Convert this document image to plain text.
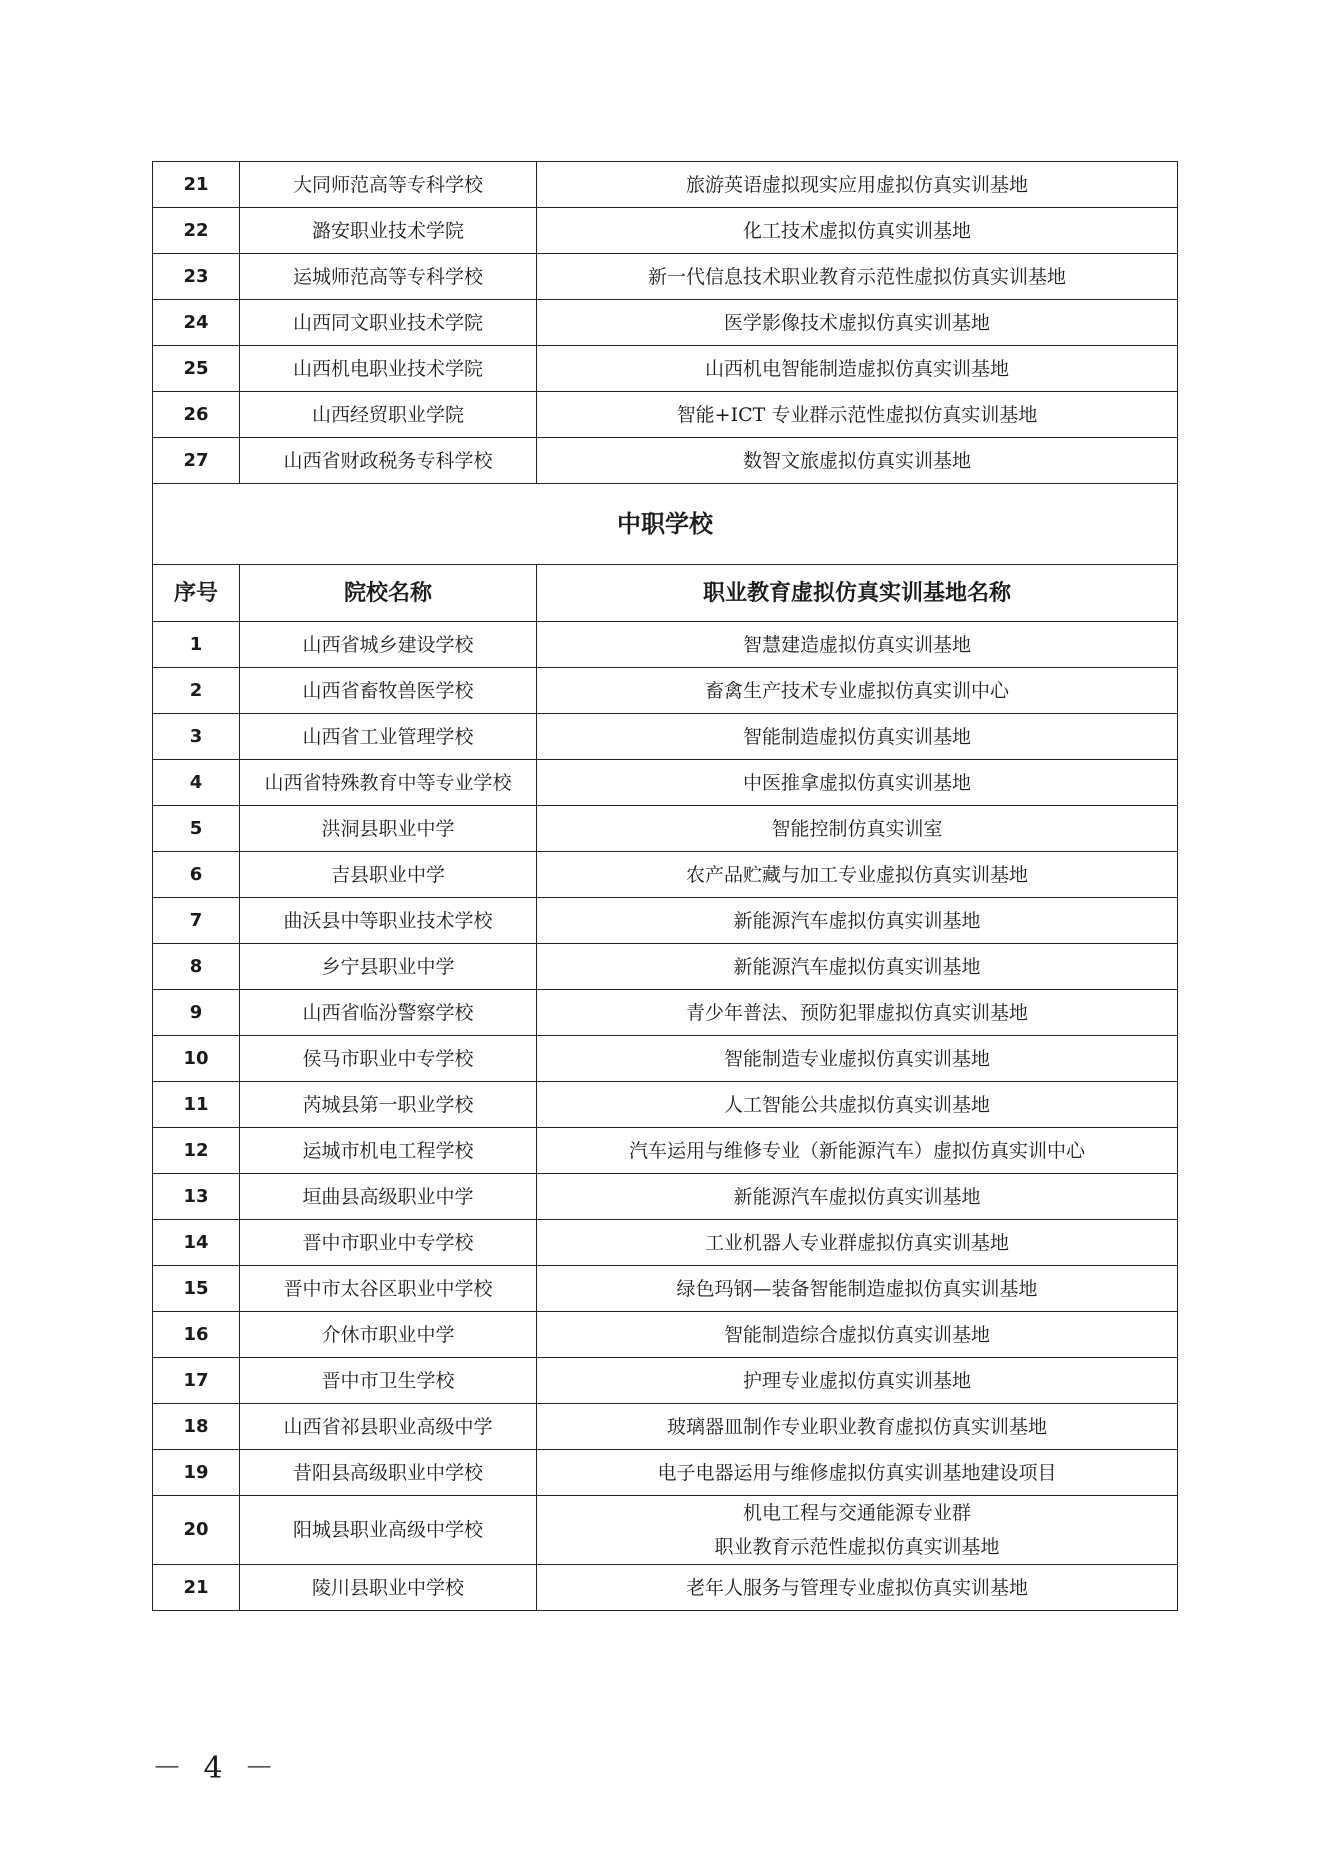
21	大同师范高等专科学校	旅游英语虚拟现实应用虚拟仿真实训基地
22	潞安职业技术学院	化工技术虚拟仿真实训基地
23	运城师范高等专科学校	新一代信息技术职业教育示范性虚拟仿真实训基地
24	山西同文职业技术学院	医学影像技术虚拟仿真实训基地
25	山西机电职业技术学院	山西机电智能制造虚拟仿真实训基地
26	山西经贸职业学院	智能+ICT 专业群示范性虚拟仿真实训基地
27	山西省财政税务专科学校	数智文旅虚拟仿真实训基地
中职学校		
序号	院校名称	职业教育虚拟仿真实训基地名称
1	山西省城乡建设学校	智慧建造虚拟仿真实训基地
2	山西省畜牧兽医学校	畜禽生产技术专业虚拟仿真实训中心
3	山西省工业管理学校	智能制造虚拟仿真实训基地
4	山西省特殊教育中等专业学校	中医推拿虚拟仿真实训基地
5	洪洞县职业中学	智能控制仿真实训室
6	吉县职业中学	农产品贮藏与加工专业虚拟仿真实训基地
7	曲沃县中等职业技术学校	新能源汽车虚拟仿真实训基地
8	乡宁县职业中学	新能源汽车虚拟仿真实训基地
9	山西省临汾警察学校	青少年普法、预防犯罪虚拟仿真实训基地
10	侯马市职业中专学校	智能制造专业虚拟仿真实训基地
11	芮城县第一职业学校	人工智能公共虚拟仿真实训基地
12	运城市机电工程学校	汽车运用与维修专业（新能源汽车）虚拟仿真实训中心
13	垣曲县高级职业中学	新能源汽车虚拟仿真实训基地
14	晋中市职业中专学校	工业机器人专业群虚拟仿真实训基地
15	晋中市太谷区职业中学校	绿色玛钢—装备智能制造虚拟仿真实训基地
16	介休市职业中学	智能制造综合虚拟仿真实训基地
17	晋中市卫生学校	护理专业虚拟仿真实训基地
18	山西省祁县职业高级中学	玻璃器皿制作专业职业教育虚拟仿真实训基地
19	昔阳县高级职业中学校	电子电器运用与维修虚拟仿真实训基地建设项目
20	阳城县职业高级中学校	机电工程与交通能源专业群
职业教育示范性虚拟仿真实训基地

21	陵川县职业中学校	老年人服务与管理专业虚拟仿真实训基地
－ 4 －
